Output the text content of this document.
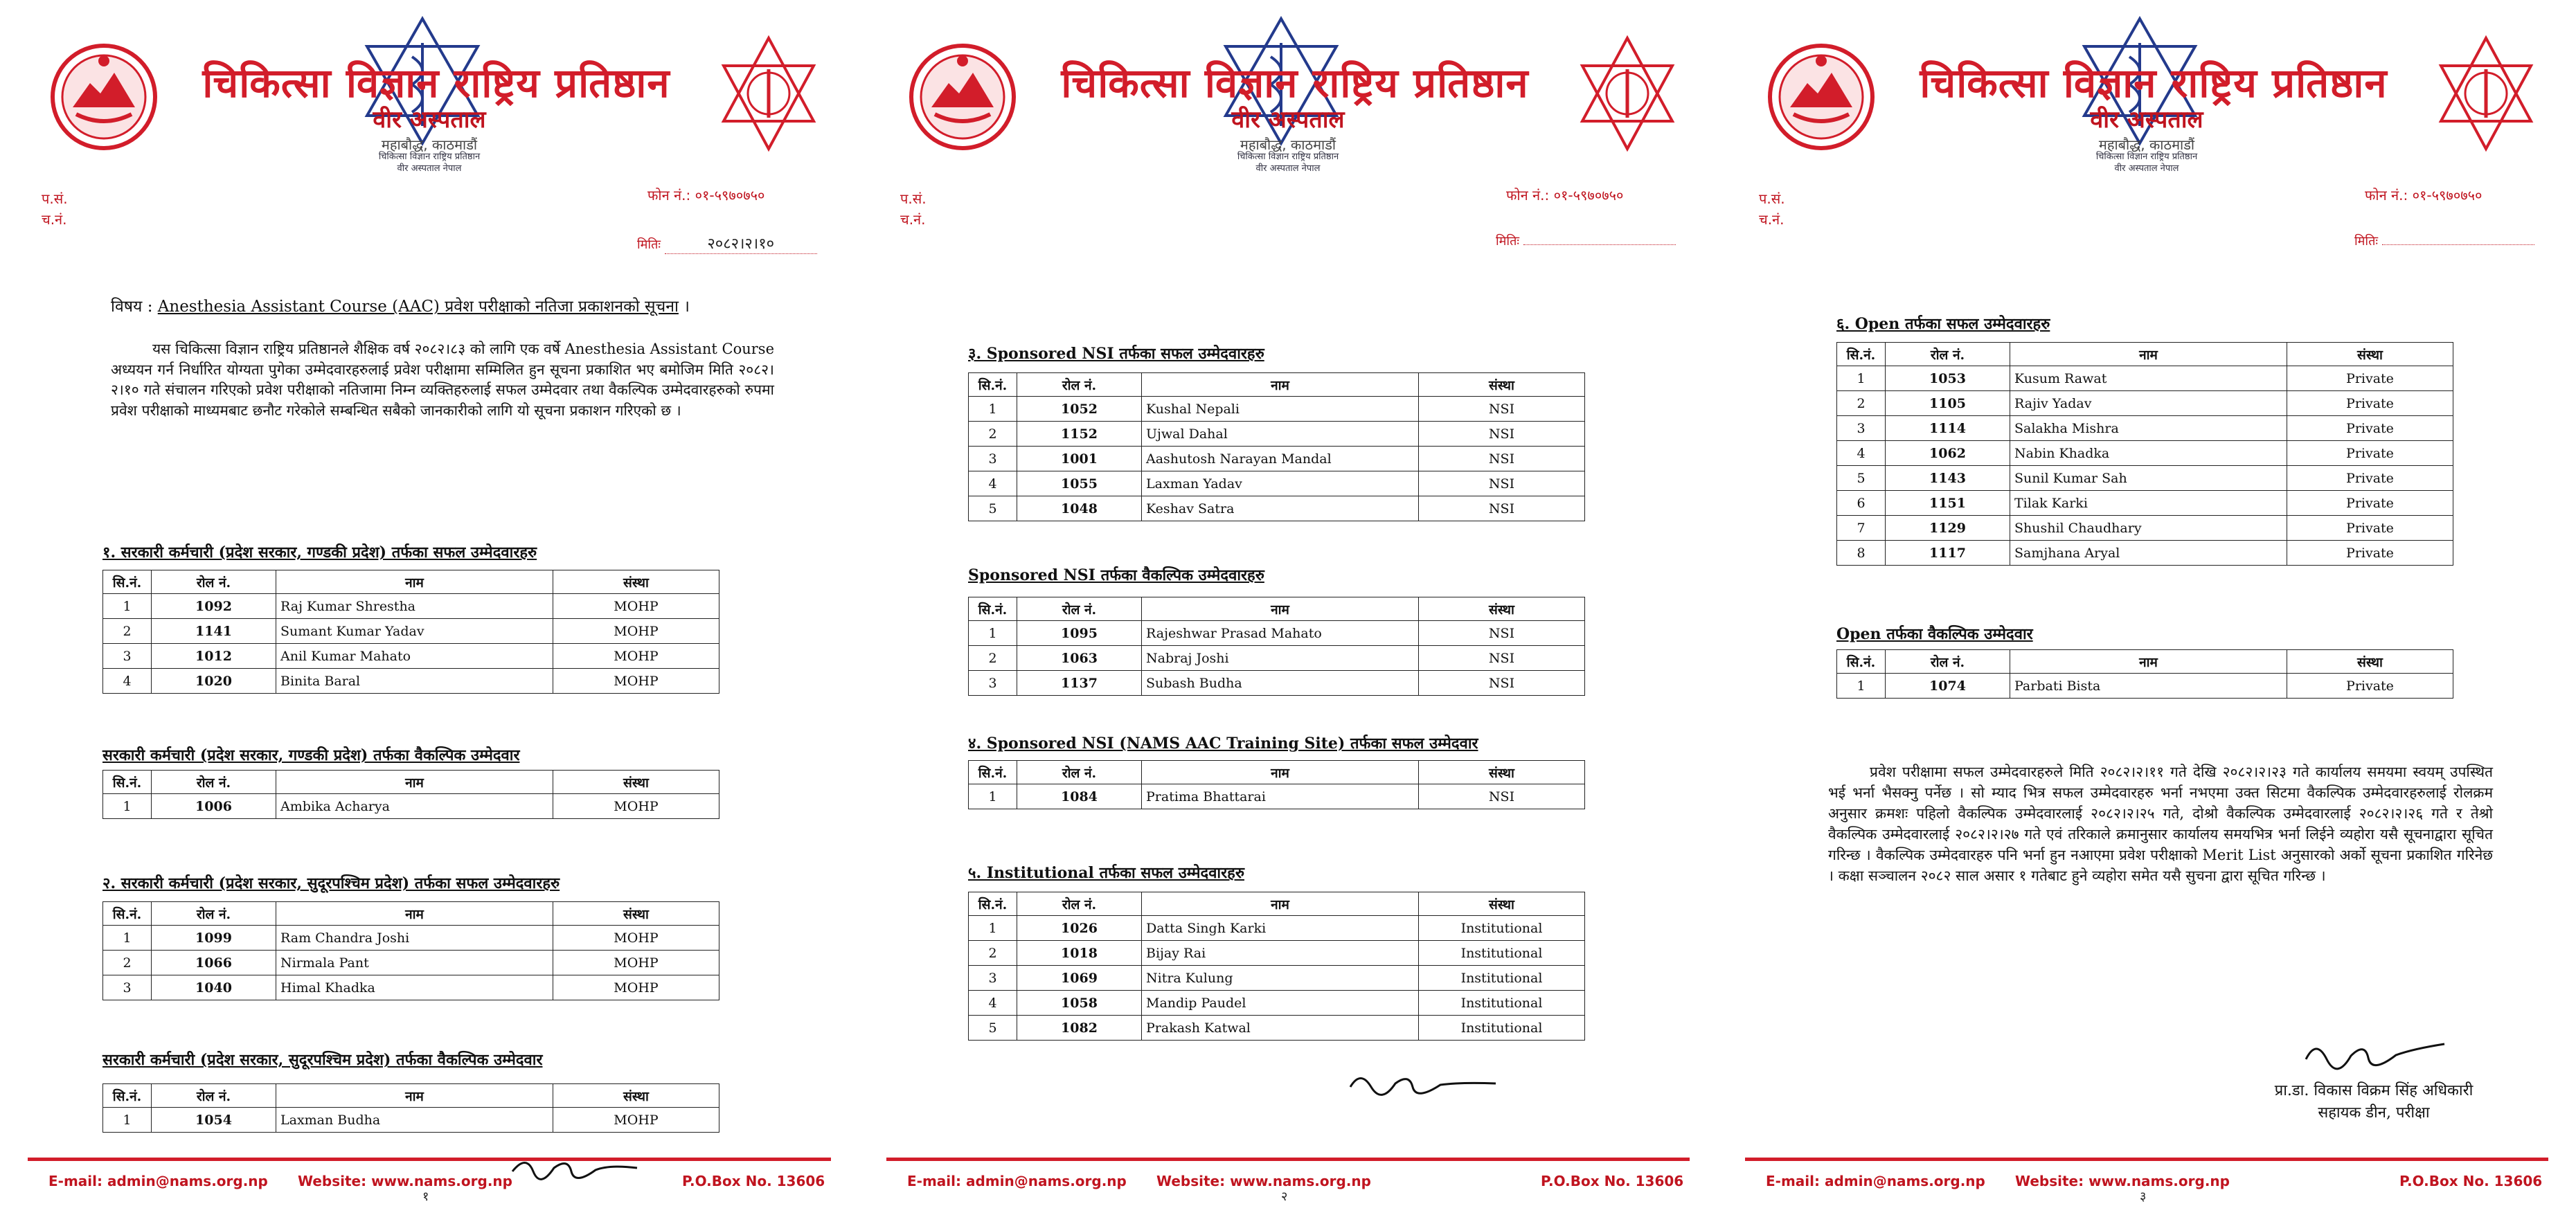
चिकित्सा विज्ञान राष्ट्रिय प्रतिष्ठान
वीर अस्पताल
महाबौद्ध, काठमाडौं
चिकित्सा विज्ञान राष्ट्रिय प्रतिष्ठान
वीर अस्पताल नेपाल
प.सं.
च.नं.
फोन नं.: ०१-५९७०७५०
मितिः	२०८२।२।१०
विषय : Anesthesia Assistant Course (AAC) प्रवेश परीक्षाको नतिजा प्रकाशनको सूचना ।
यस चिकित्सा विज्ञान राष्ट्रिय प्रतिष्ठानले शैक्षिक वर्ष २०८२।८३ को लागि एक वर्षे Anesthesia Assistant Course अध्ययन गर्न निर्धारित योग्यता पुगेका उम्मेदवारहरुलाई प्रवेश परीक्षामा सम्मिलित हुन सूचना प्रकाशित भए बमोजिम मिति २०८२।२।१० गते संचालन गरिएको प्रवेश परीक्षाको नतिजामा निम्न व्यक्तिहरुलाई सफल उम्मेदवार तथा वैकल्पिक उम्मेदवारहरुको रुपमा प्रवेश परीक्षाको माध्यमबाट छनौट गरेकोले सम्बन्धित सबैको जानकारीको लागि यो सूचना प्रकाशन गरिएको छ ।
१. सरकारी कर्मचारी (प्रदेश सरकार, गण्डकी प्रदेश) तर्फका सफल उम्मेदवारहरु
सि.नं.	रोल नं.	नाम	संस्था
1	1092	Raj Kumar Shrestha	MOHP
2	1141	Sumant Kumar Yadav	MOHP
3	1012	Anil Kumar Mahato	MOHP
4	1020	Binita Baral	MOHP
सरकारी कर्मचारी (प्रदेश सरकार, गण्डकी प्रदेश) तर्फका वैकल्पिक उम्मेदवार
सि.नं.	रोल नं.	नाम	संस्था
1	1006	Ambika Acharya	MOHP
२. सरकारी कर्मचारी (प्रदेश सरकार, सुदूरपश्चिम प्रदेश) तर्फका सफल उम्मेदवारहरु
सि.नं.	रोल नं.	नाम	संस्था
1	1099	Ram Chandra Joshi	MOHP
2	1066	Nirmala Pant	MOHP
3	1040	Himal Khadka	MOHP
सरकारी कर्मचारी (प्रदेश सरकार, सुदूरपश्चिम प्रदेश) तर्फका वैकल्पिक उम्मेदवार
सि.नं.	रोल नं.	नाम	संस्था
1	1054	Laxman Budha	MOHP
E-mail: admin@nams.org.np Website: www.nams.org.np	P.O.Box No. 13606
१
चिकित्सा विज्ञान राष्ट्रिय प्रतिष्ठान
वीर अस्पताल
महाबौद्ध, काठमाडौं
चिकित्सा विज्ञान राष्ट्रिय प्रतिष्ठान
वीर अस्पताल नेपाल
प.सं.
च.नं.
फोन नं.: ०१-५९७०७५०
मितिः
३. Sponsored NSI तर्फका सफल उम्मेदवारहरु
सि.नं.	रोल नं.	नाम	संस्था
1	1052	Kushal Nepali	NSI
2	1152	Ujwal Dahal	NSI
3	1001	Aashutosh Narayan Mandal	NSI
4	1055	Laxman Yadav	NSI
5	1048	Keshav Satra	NSI
Sponsored NSI तर्फका वैकल्पिक उम्मेदवारहरु
सि.नं.	रोल नं.	नाम	संस्था
1	1095	Rajeshwar Prasad Mahato	NSI
2	1063	Nabraj Joshi	NSI
3	1137	Subash Budha	NSI
४. Sponsored NSI (NAMS AAC Training Site) तर्फका सफल उम्मेदवार
सि.नं.	रोल नं.	नाम	संस्था
1	1084	Pratima Bhattarai	NSI
५. Institutional तर्फका सफल उम्मेदवारहरु
सि.नं.	रोल नं.	नाम	संस्था
1	1026	Datta Singh Karki	Institutional
2	1018	Bijay Rai	Institutional
3	1069	Nitra Kulung	Institutional
4	1058	Mandip Paudel	Institutional
5	1082	Prakash Katwal	Institutional
E-mail: admin@nams.org.np Website: www.nams.org.np	P.O.Box No. 13606
२
चिकित्सा विज्ञान राष्ट्रिय प्रतिष्ठान
वीर अस्पताल
महाबौद्ध, काठमाडौं
चिकित्सा विज्ञान राष्ट्रिय प्रतिष्ठान
वीर अस्पताल नेपाल
प.सं.
च.नं.
फोन नं.: ०१-५९७०७५०
मितिः
६. Open तर्फका सफल उम्मेदवारहरु
सि.नं.	रोल नं.	नाम	संस्था
1	1053	Kusum Rawat	Private
2	1105	Rajiv Yadav	Private
3	1114	Salakha Mishra	Private
4	1062	Nabin Khadka	Private
5	1143	Sunil Kumar Sah	Private
6	1151	Tilak Karki	Private
7	1129	Shushil Chaudhary	Private
8	1117	Samjhana Aryal	Private
Open तर्फका वैकल्पिक उम्मेदवार
सि.नं.	रोल नं.	नाम	संस्था
1	1074	Parbati Bista	Private
प्रवेश परीक्षामा सफल उम्मेदवारहरुले मिति २०८२।२।११ गते देखि २०८२।२।२३ गते कार्यालय समयमा स्वयम् उपस्थित भई भर्ना भैसक्नु पर्नेछ । सो म्याद भित्र सफल उम्मेदवारहरु भर्ना नभएमा उक्त सिटमा वैकल्पिक उम्मेदवारहरुलाई रोलक्रम अनुसार क्रमशः पहिलो वैकल्पिक उम्मेदवारलाई २०८२।२।२५ गते, दोश्रो वैकल्पिक उम्मेदवारलाई २०८२।२।२६ गते र तेश्रो वैकल्पिक उम्मेदवारलाई २०८२।२।२७ गते एवं तरिकाले क्रमानुसार कार्यालय समयभित्र भर्ना लिईने व्यहोरा यसै सूचनाद्वारा सूचित गरिन्छ । वैकल्पिक उम्मेदवारहरु पनि भर्ना हुन नआएमा प्रवेश परीक्षाको Merit List अनुसारको अर्को सूचना प्रकाशित गरिनेछ । कक्षा सञ्चालन २०८२ साल असार १ गतेबाट हुने व्यहोरा समेत यसै सुचना द्वारा सूचित गरिन्छ ।
प्रा.डा. विकास विक्रम सिंह अधिकारी
सहायक डीन, परीक्षा
E-mail: admin@nams.org.np Website: www.nams.org.np	P.O.Box No. 13606
३
